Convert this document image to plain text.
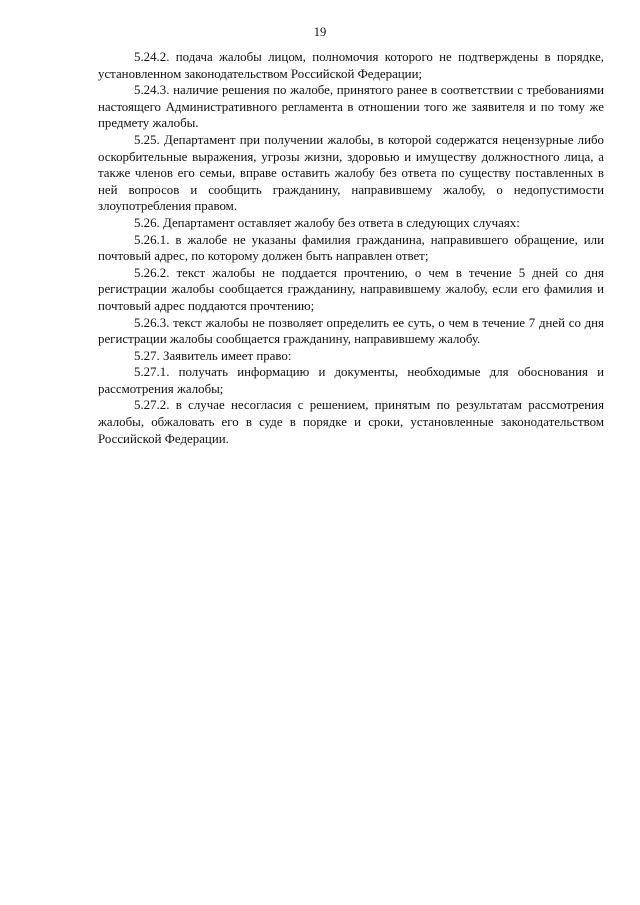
19

5.24.2. подача жалобы лицом, полномочия которого не подтверждены в порядке, установленном законодательством Российской Федерации;

5.24.3. наличие решения по жалобе, принятого ранее в соответствии с требованиями настоящего Административного регламента в отношении того же заявителя и по тому же предмету жалобы.

5.25. Департамент при получении жалобы, в которой содержатся нецензурные либо оскорбительные выражения, угрозы жизни, здоровью и имуществу должностного лица, а также членов его семьи, вправе оставить жалобу без ответа по существу поставленных в ней вопросов и сообщить гражданину, направившему жалобу, о недопустимости злоупотребления правом.

5.26. Департамент оставляет жалобу без ответа в следующих случаях:

5.26.1. в жалобе не указаны фамилия гражданина, направившего обращение, или почтовый адрес, по которому должен быть направлен ответ;

5.26.2. текст жалобы не поддается прочтению, о чем в течение 5 дней со дня регистрации жалобы сообщается гражданину, направившему жалобу, если его фамилия и почтовый адрес поддаются прочтению;

5.26.3. текст жалобы не позволяет определить ее суть, о чем в течение 7 дней со дня регистрации жалобы сообщается гражданину, направившему жалобу.

5.27. Заявитель имеет право:

5.27.1. получать информацию и документы, необходимые для обоснования и рассмотрения жалобы;

5.27.2. в случае несогласия с решением, принятым по результатам рассмотрения жалобы, обжаловать его в суде в порядке и сроки, установленные законодательством Российской Федерации.
